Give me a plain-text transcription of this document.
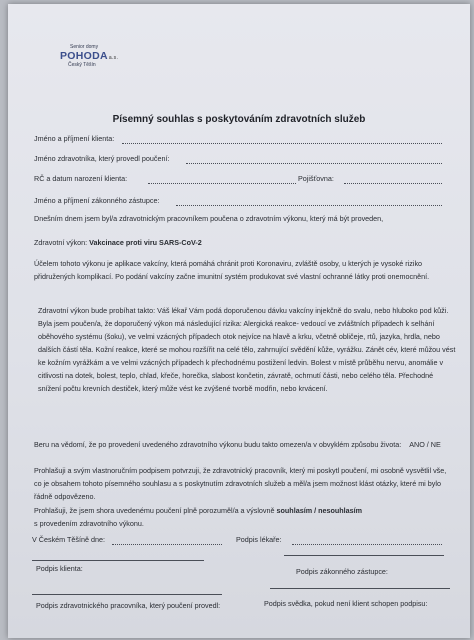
Senior domy
POHODAa.s.
Český Těšín
Písemný souhlas s poskytováním zdravotních služeb
Jméno a příjmení klienta:
Jméno zdravotníka, který provedl poučení:
RČ a datum narození klienta:	Pojišťovna:
Jméno a příjmení zákonného zástupce:
Dnešním dnem jsem byl/a zdravotnickým pracovníkem poučena o zdravotním výkonu, který má být proveden,
Zdravotní výkon: Vakcinace proti viru SARS-CoV-2
Účelem tohoto výkonu je aplikace vakcíny, která pomáhá chránit proti Koronaviru, zvláště osoby, u kterých je vysoké riziko přidružených komplikací. Po podání vakcíny začne imunitní systém produkovat své vlastní ochranné látky proti onemocnění.
Zdravotní výkon bude probíhat takto: Váš lékař Vám podá doporučenou dávku vakcíny injekčně do svalu, nebo hluboko pod kůži. Byla jsem poučen/a, že doporučený výkon má následující rizika: Alergická reakce- vedoucí ve zvláštních případech k selhání oběhového systému (šoku), ve velmi vzácných případech otok nejvíce na hlavě a krku, včetně obličeje, rtů, jazyka, hrdla, nebo dalších částí těla. Kožní reakce, které se mohou rozšířit na celé tělo, zahrnující svědění kůže, vyrážku. Zánět cév, které můžou vést ke kožním vyrážkám a ve velmi vzácných případech k přechodnému postižení ledvin. Bolest v místě průběhu nervu, anomálie v citlivosti na dotek, bolest, teplo, chlad, křeče, horečka, slabost končetin, závratě, ochrnutí části, nebo celého těla. Přechodné snížení počtu krevních destiček, který může vést ke zvýšené tvorbě modřin, nebo krvácení.
Beru na vědomí, že po provedení uvedeného zdravotního výkonu budu takto omezen/a v obvyklém způsobu života: ANO / NE
Prohlašuji a svým vlastnoručním podpisem potvrzuji, že zdravotnický pracovník, který mi poskytl poučení, mi osobně vysvětlil vše, co je obsahem tohoto písemného souhlasu a s poskytnutím zdravotních služeb a měl/a jsem možnost klást otázky, které mi bylo řádně odpovězeno.
Prohlašuji, že jsem shora uvedenému poučení plně porozuměl/a a výslovně souhlasím / nesouhlasím
s provedením zdravotního výkonu.
V Českém Těšíně dne:	Podpis lékaře:
Podpis klienta:	Podpis zákonného zástupce:
Podpis zdravotnického pracovníka, který poučení provedl:	Podpis svědka, pokud není klient schopen podpisu:
